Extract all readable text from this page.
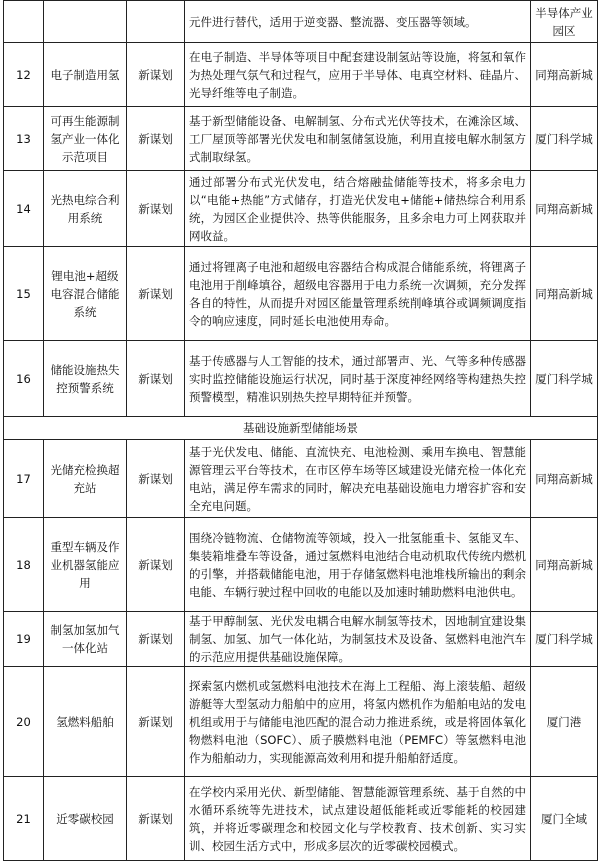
			元件进行替代，适用于逆变器、整流器、变压器等领域。	半导体产业园区
12	电子制造用氢	新谋划	在电子制造、半导体等项目中配套建设制氢站等设施，将氢和氧作为热处理气氛气和过程气，应用于半导体、电真空材料、硅晶片、光导纤维等电子制造。	同翔高新城
13	可再生能源制氢产业一体化示范项目	新谋划	基于新型储能设备、电解制氢、分布式光伏等技术，在滩涂区域、工厂屋顶等部署光伏发电和制氢储氢设施，利用直接电解水制氢方式制取绿氢。	厦门科学城
14	光热电综合利用系统	新谋划	通过部署分布式光伏发电，结合熔融盐储能等技术，将多余电力以“电能+热能”方式储存，打造光伏发电+储能+储热综合利用系统，为园区企业提供冷、热等供能服务，且多余电力可上网获取并网收益。	同翔高新城
15	锂电池+超级电容混合储能系统	新谋划	通过将锂离子电池和超级电容器结合构成混合储能系统，将锂离子电池用于削峰填谷，超级电容器用于电力系统一次调频，充分发挥各自的特性，从而提升对园区能量管理系统削峰填谷或调频调度指令的响应速度，同时延长电池使用寿命。	同翔高新城
16	储能设施热失控预警系统	新谋划	基于传感器与人工智能的技术，通过部署声、光、气等多种传感器实时监控储能设施运行状况，同时基于深度神经网络等构建热失控预警模型，精准识别热失控早期特征并预警。	厦门科学城
基础设施新型储能场景				
17	光储充检换超充站	新谋划	基于光伏发电、储能、直流快充、电池检测、乘用车换电、智慧能源管理云平台等技术，在市区停车场等区域建设光储充检一体化充电站，满足停车需求的同时，解决充电基础设施电力增容扩容和安全充电问题。	同翔高新城
18	重型车辆及作业机器氢能应用	新谋划	围绕冷链物流、仓储物流等领域，投入一批氢能重卡、氢能叉车、集装箱堆叠车等设备，通过氢燃料电池结合电动机取代传统内燃机的引擎，并搭载储能电池，用于存储氢燃料电池堆栈所输出的剩余电能、车辆行驶过程中回收的电能以及加速时辅助燃料电池供电。	同翔高新城
19	制氢加氢加气一体化站	新谋划	基于甲醇制氢、光伏发电耦合电解水制氢等技术，因地制宜建设集制氢、加氢、加气一体化站，为制氢技术及设备、氢燃料电池汽车的示范应用提供基础设施保障。	厦门科学城
20	氢燃料船舶	新谋划	探索氢内燃机或氢燃料电池技术在海上工程船、海上滚装船、超级游艇等大型氢动力船舶中的应用，将氢内燃机作为船舶电站的发电机组或用于与储能电池匹配的混合动力推进系统，或是将固体氧化物燃料电池（SOFC）、质子膜燃料电池（PEMFC）等氢燃料电池作为船舶动力，实现能源高效利用和提升船舶舒适度。	厦门港
21	近零碳校园	新谋划	在学校内采用光伏、新型储能、智慧能源管理系统、基于自然的中水循环系统等先进技术，试点建设超低能耗或近零能耗的校园建筑，并将近零碳理念和校园文化与学校教育、技术创新、实习实训、校园生活方式中，形成多层次的近零碳校园模式。	厦门全域
